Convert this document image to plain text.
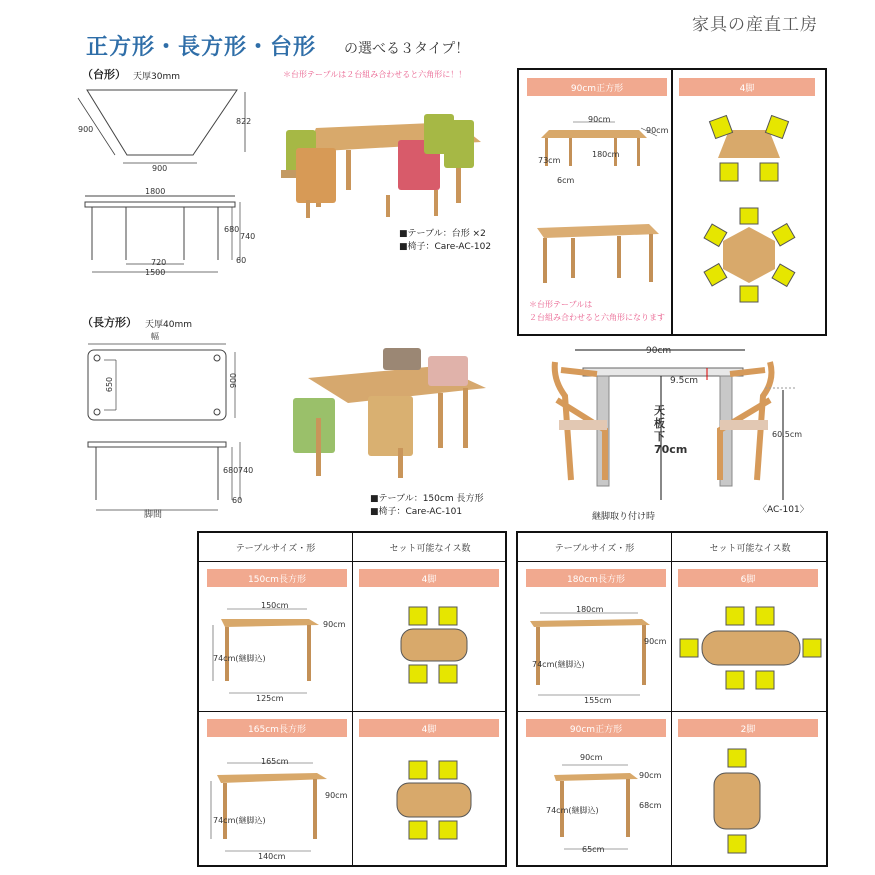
家具の産直工房
正方形・長方形・台形 の選べる３タイプ！
（台形） 天厚30mm
900
822
900
1800
680
740
720
1500
60
＊台形テーブルは２台組み合わせると六角形に！！
■テーブル：台形 ×2
■椅子：Care-AC-102
（長方形） 天厚40mm
幅
650	900
680 740
60
脚間
■テーブル：150cm 長方形
■椅子：Care-AC-101
90cm正方形	4脚
90cm
90cm
180cm
73cm
6cm
＊台形テーブルは
２台組み合わせると六角形になります
90cm
9.5cm
天板下70cm
60.5cm
継脚取り付け時
〈AC-101〉
テーブルサイズ・形	セット可能なイス数
150cm長方形	4脚
150cm
90cm
74cm(継脚込)
125cm
165cm長方形	4脚
165cm
90cm
74cm(継脚込)
140cm
テーブルサイズ・形	セット可能なイス数
180cm長方形	6脚
180cm
90cm
74cm(継脚込)
155cm
90cm正方形	2脚
90cm
90cm
68cm
74cm(継脚込)
65cm
